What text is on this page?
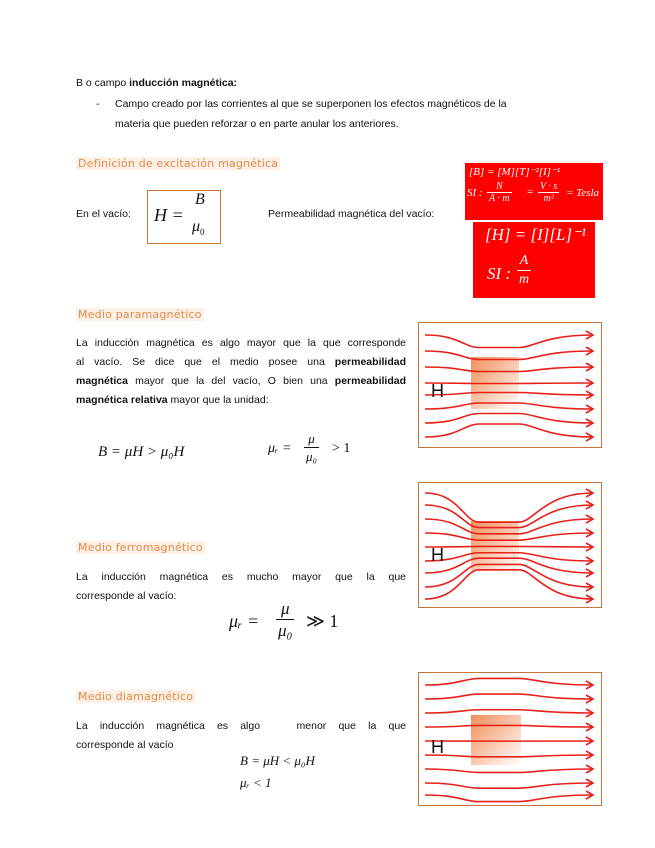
B o campo inducción magnética:
- Campo creado por las corrientes al que se superponen los efectos magnéticos de la
materia que pueden reforzar o en parte anular los anteriores.
Definición de excitación magnética
En el vacío: H =
B
$\mu_0$
Permeabilidad magnética del vacío:
[B] = [M][T]⁻²[I]⁻¹
SI : $\frac{N}{A \cdot m} = \frac{V \cdot s}{\text{m²}}$ = Tesla
[H] = [I][L]⁻¹
SI : $\frac{A}{m}$
Medio paramagnético
La inducción magnética es algo mayor que la que corresponde
al vacío. Se dice que el medio posee una permeabilidad
magnética mayor que la del vacío, O bien una permeabilidad
magnética relativa mayor que la unidad:
B = μH > μ₀H	μᵣ = $\frac{\mu}{\text{μ₀}} > 1$
H
Medio ferromagnético
La inducción magnética es mucho mayor que la que
corresponde al vacío:
μᵣ = $\frac{\mu}{\text{μ₀}}$ ≫ 1
H
Medio diamagnético
La inducción magnética es algo   menor que la que
corresponde al vacío
B = μH < μ₀H
μᵣ < 1
H
